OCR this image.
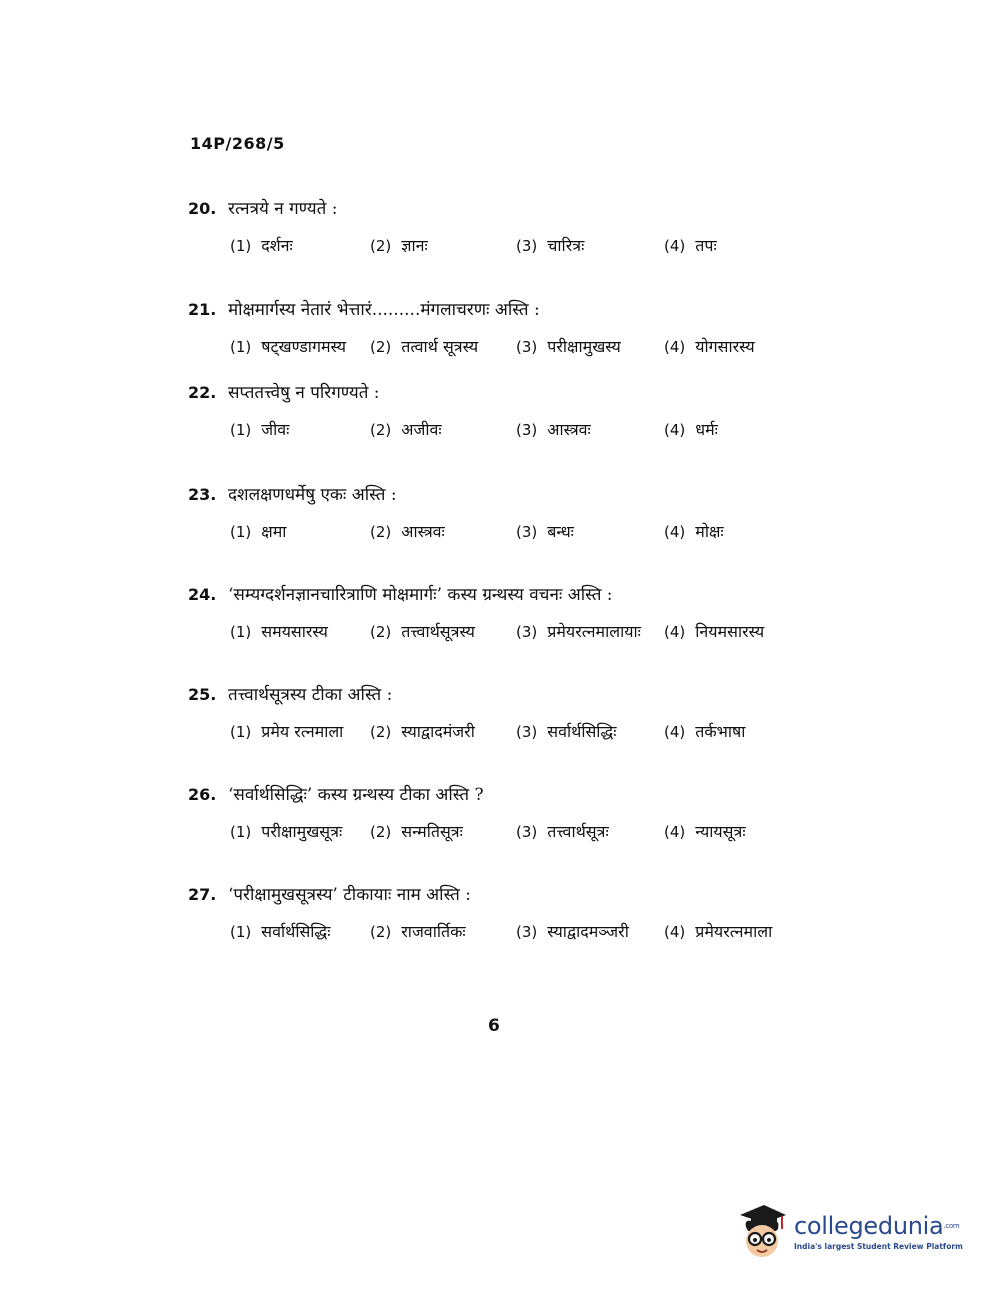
14P/268/5
20. रत्नत्रये न गण्यते :
(1) दर्शनः	(2) ज्ञानः	(3) चारित्रः	(4) तपः
21. मोक्षमार्गस्य नेतारं भेत्तारं.........मंगलाचरणः अस्ति :
(1) षट्खण्डागमस्य (2) तत्वार्थ सूत्रस्य	(3) परीक्षामुखस्य	(4) योगसारस्य
22. सप्ततत्त्वेषु न परिगण्यते :
(1) जीवः	(2) अजीवः	(3) आस्त्रवः	(4) धर्मः
23. दशलक्षणधर्मेषु एकः अस्ति :
(1) क्षमा	(2) आस्त्रवः	(3) बन्धः	(4) मोक्षः
24. ‘सम्यग्दर्शनज्ञानचारित्राणि मोक्षमार्गः’ कस्य ग्रन्थस्य वचनः अस्ति :
(1) समयसारस्य	(2) तत्त्वार्थसूत्रस्य	(3) प्रमेयरत्नमालायाः (4) नियमसारस्य
25. तत्त्वार्थसूत्रस्य टीका अस्ति :
(1) प्रमेय रत्नमाला (2) स्याद्वादमंजरी	(3) सर्वार्थसिद्धिः	(4) तर्कभाषा
26. ‘सर्वार्थसिद्धिः’ कस्य ग्रन्थस्य टीका अस्ति ?
(1) परीक्षामुखसूत्रः (2) सन्मतिसूत्रः	(3) तत्त्वार्थसूत्रः	(4) न्यायसूत्रः
27. ‘परीक्षामुखसूत्रस्य’ टीकायाः नाम अस्ति :
(1) सर्वार्थसिद्धिः	(2) राजवार्तिकः	(3) स्याद्वादमञ्जरी (4) प्रमेयरत्नमाला
6
collegedunia$^{.com}$
India's largest Student Review Platform
